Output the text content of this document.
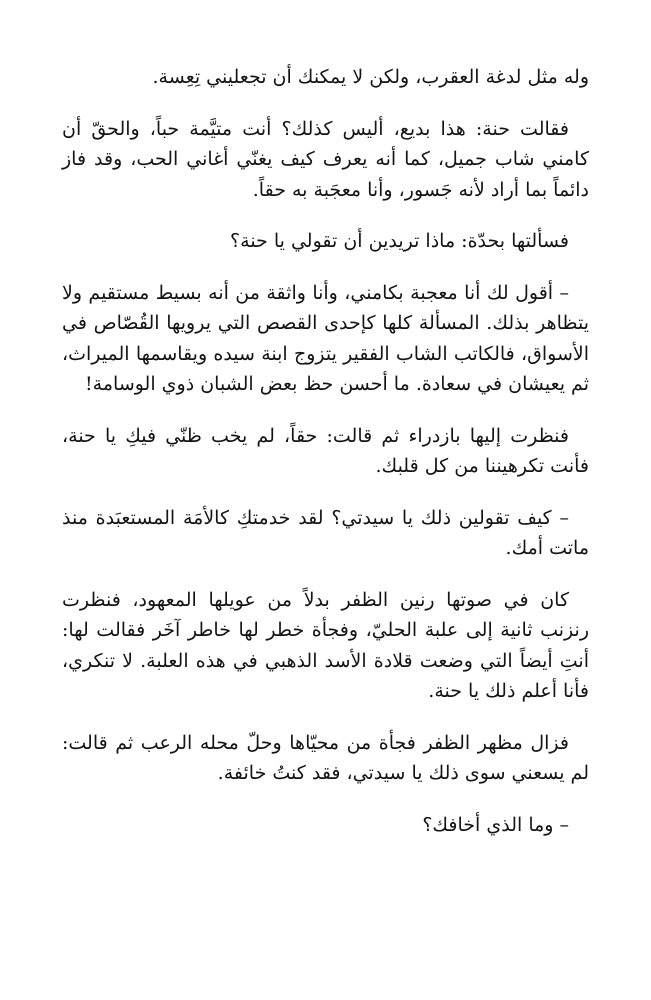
وله مثل لدغة العقرب، ولكن لا يمكنك أن تجعليني تِعِسة.

فقالت حنة: هذا بديع، أليس كذلك؟ أنت متيَّمة حباً، والحقّ أن كامني شاب جميل، كما أنه يعرف كيف يغنّي أغاني الحب، وقد فاز دائماً بما أراد لأنه جَسور، وأنا معجَبة به حقاً.

فسألتها بحدّة: ماذا تريدين أن تقولي يا حنة؟

– أقول لك أنا معجبة بكامني، وأنا واثقة من أنه بسيط مستقيم ولا يتظاهر بذلك. المسألة كلها كإحدى القصص التي يرويها القُصّاص في الأسواق، فالكاتب الشاب الفقير يتزوج ابنة سيده ويقاسمها الميراث، ثم يعيشان في سعادة. ما أحسن حظ بعض الشبان ذوي الوسامة!

فنظرت إليها بازدراء ثم قالت: حقاً، لم يخب ظنّي فيكِ يا حنة، فأنت تكرهيننا من كل قلبك.

– كيف تقولين ذلك يا سيدتي؟ لقد خدمتكِ كالأمَة المستعبَدة منذ ماتت أمك.

كان في صوتها رنين الظفر بدلاً من عويلها المعهود، فنظرت رنزنب ثانية إلى علبة الحليّ، وفجأة خطر لها خاطر آخَر فقالت لها: أنتِ أيضاً التي وضعت قلادة الأسد الذهبي في هذه العلبة. لا تنكري، فأنا أعلم ذلك يا حنة.

فزال مظهر الظفر فجأة من محيّاها وحلّ محله الرعب ثم قالت: لم يسعني سوى ذلك يا سيدتي، فقد كنتُ خائفة.

– وما الذي أخافك؟
